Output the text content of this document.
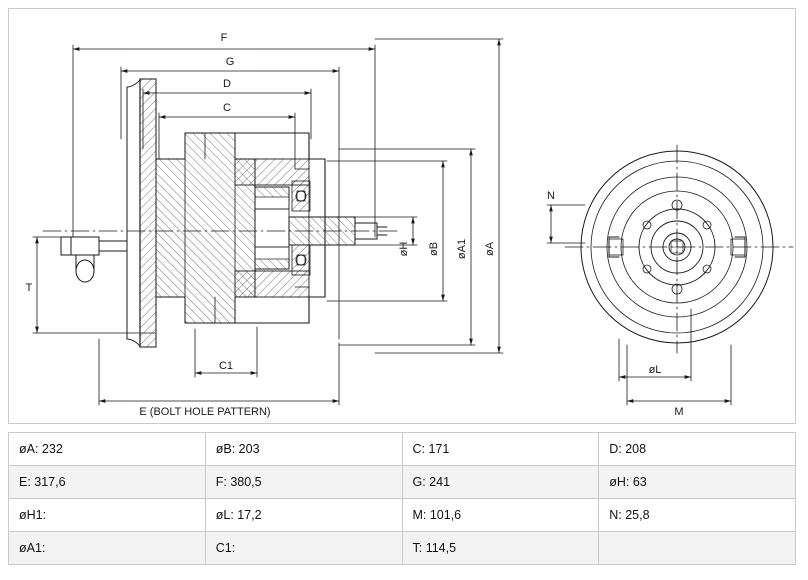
F
G
D
C
C1
E (BOLT HOLE PATTERN)
T
øH øB øA1 øA
N
øL
M
øA: 232	øB: 203	C: 171	D: 208
E: 317,6	F: 380,5	G: 241	øH: 63
øH1:	øL: 17,2	M: 101,6	N: 25,8
øA1:	C1:	T: 114,5	
